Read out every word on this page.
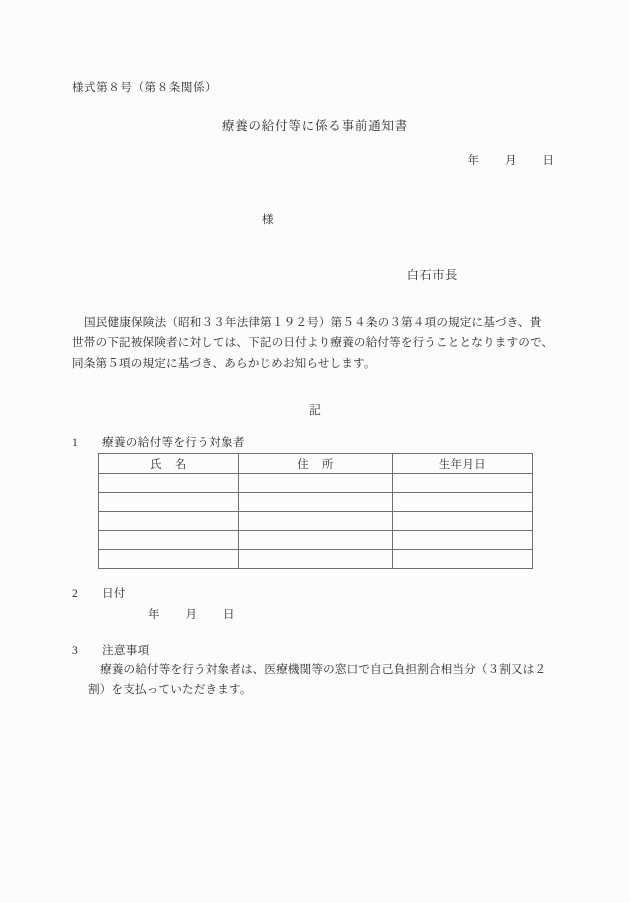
様式第８号（第８条関係）
療養の給付等に係る事前通知書
年 月 日
様
白石市長
国民健康保険法（昭和３３年法律第１９２号）第５４条の３第４項の規定に基づき、貴
世帯の下記被保険者に対しては、下記の日付より療養の給付等を行うこととなりますので、
同条第５項の規定に基づき、あらかじめお知らせします。
記
1 療養の給付等を行う対象者
氏 名	住 所	生年月日

2 日付
年 月 日
3 注意事項
療養の給付等を行う対象者は、医療機関等の窓口で自己負担割合相当分（３割又は２
割）を支払っていただきます。
